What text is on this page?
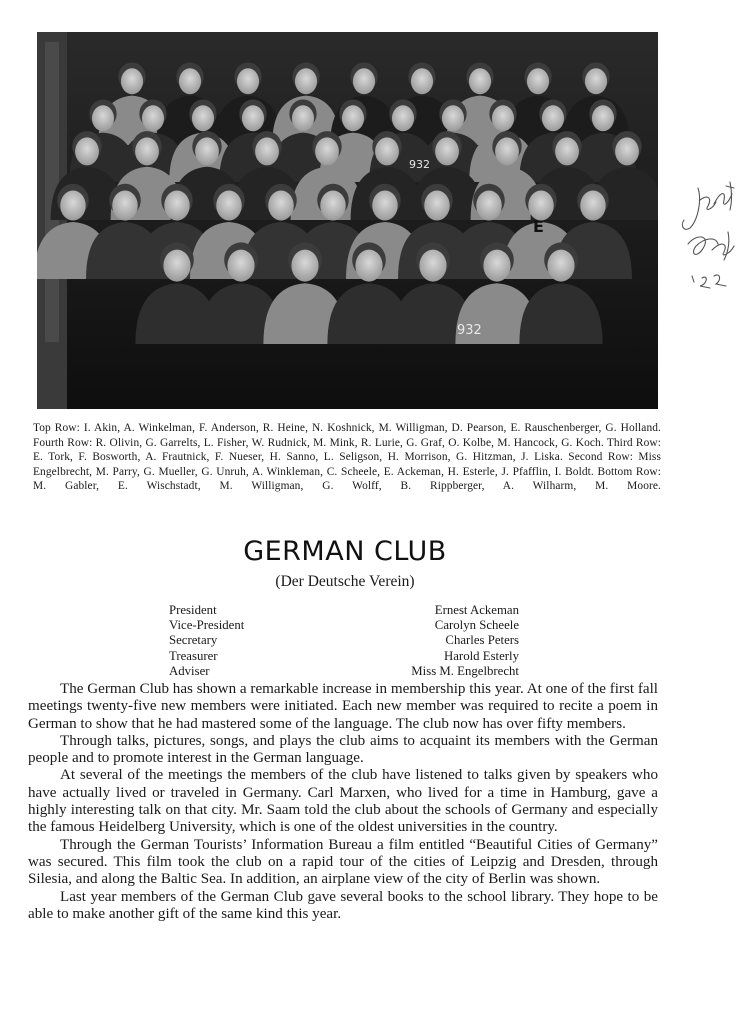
932
E
932

Top Row: I. Akin, A. Winkelman, F. Anderson, R. Heine, N. Koshnick, M. Willigman, D. Pearson, E. Rauschenberger, G. Holland. Fourth Row: R. Olivin, G. Garrelts, L. Fisher, W. Rudnick, M. Mink, R. Lurie, G. Graf, O. Kolbe, M. Hancock, G. Koch. Third Row: E. Tork, F. Bosworth, A. Frautnick, F. Nueser, H. Sanno, L. Seligson, H. Morrison, G. Hitzman, J. Liska. Second Row: Miss Engelbrecht, M. Parry, G. Mueller, G. Unruh, A. Winkleman, C. Scheele, E. Ackeman, H. Esterle, J. Pfafflin, I. Boldt. Bottom Row: M. Gabler, E. Wischstadt, M. Willigman, G. Wolff, B. Rippberger, A. Wilharm, M. Moore.

GERMAN CLUB
(Der Deutsche Verein)
President	Ernest Ackeman
Vice-President	Carolyn Scheele
Secretary	Charles Peters
Treasurer	Harold Esterly
Adviser	Miss M. Engelbrecht

The German Club has shown a remarkable increase in membership this year. At one of the first fall meetings twenty-five new members were initiated. Each new member was required to recite a poem in German to show that he had mastered some of the language. The club now has over fifty members.

Through talks, pictures, songs, and plays the club aims to acquaint its members with the German people and to promote interest in the German language.

At several of the meetings the members of the club have listened to talks given by speakers who have actually lived or traveled in Germany. Carl Marxen, who lived for a time in Hamburg, gave a highly interesting talk on that city. Mr. Saam told the club about the schools of Germany and especially the famous Heidelberg University, which is one of the oldest universities in the country.

Through the German Tourists’ Information Bureau a film entitled “Beautiful Cities of Germany” was secured. This film took the club on a rapid tour of the cities of Leipzig and Dresden, through Silesia, and along the Baltic Sea. In addition, an airplane view of the city of Berlin was shown.

Last year members of the German Club gave several books to the school library. They hope to be able to make another gift of the same kind this year.
